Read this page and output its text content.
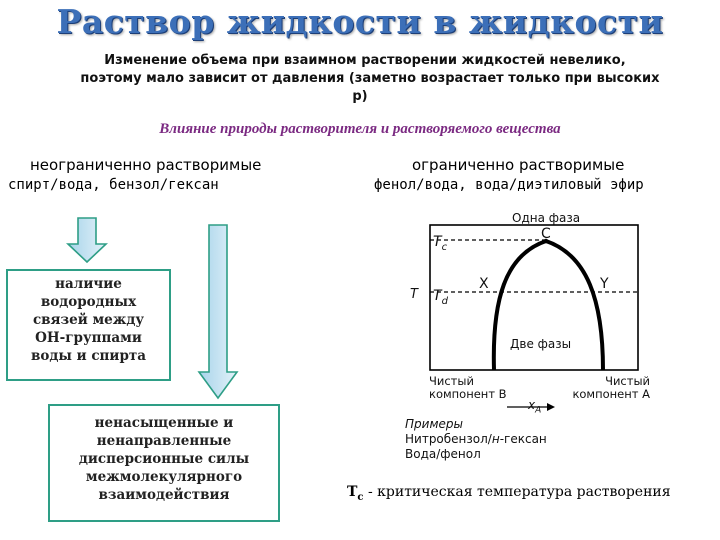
Раствор жидкости в жидкости
Изменение объема при взаимном растворении жидкостей невелико,
поэтому мало зависит от давления (заметно возрастает только при высоких
р)
Влияние природы растворителя и растворяемого вещества
неограниченно растворимые
спирт/вода, бензол/гексан
ограниченно растворимые
фенол/вода, вода/диэтиловый эфир
наличие
водородных
связей между
ОН-группами
воды и спирта
ненасыщенные и
ненаправленные
дисперсионные силы
межмолекулярного
взаимодействия
Одна фаза
C
$T_c$
T $T_d$
X	Y
Две фазы
Чистый
компонент B
$x_A$
Чистый
компонент A
Примеры
Нитробензол/н-гексан
Вода/фенол
$T_c$ - критическая температура растворения
